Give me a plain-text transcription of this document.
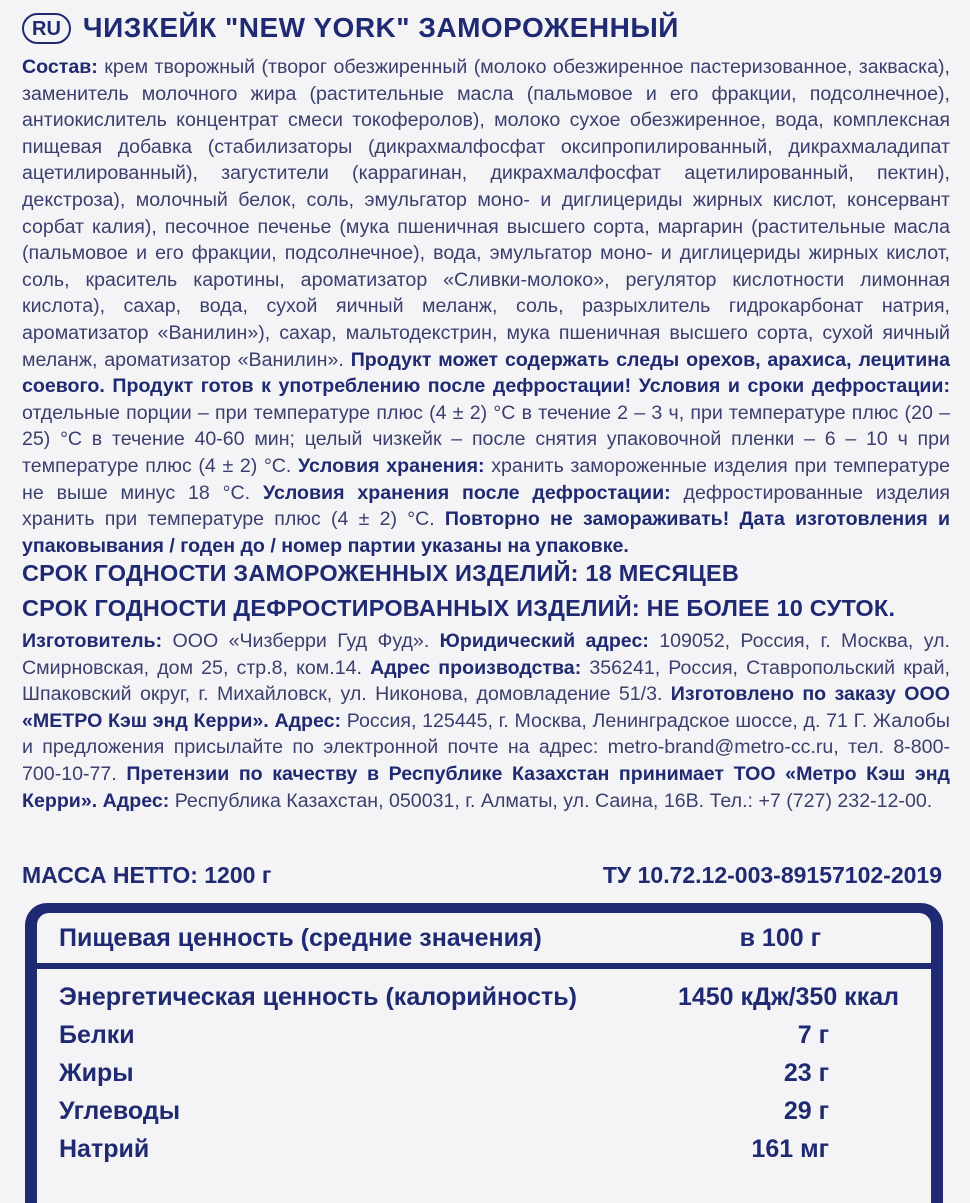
RU ЧИЗКЕЙК "NEW YORK" ЗАМОРОЖЕННЫЙ
Состав: крем творожный (творог обезжиренный (молоко обезжиренное пастеризованное, закваска), заменитель молочного жира (растительные масла (пальмовое и его фракции, подсолнечное), антиокислитель концентрат смеси токоферолов), молоко сухое обезжиренное, вода, комплексная пищевая добавка (стабилизаторы (дикрахмалфосфат оксипропилированный, дикрахмаладипат ацетилированный), загустители (каррагинан, дикрахмалфосфат ацетилированный, пектин), декстроза), молочный белок, соль, эмульгатор моно- и диглицериды жирных кислот, консервант сорбат калия), песочное печенье (мука пшеничная высшего сорта, маргарин (растительные масла (пальмовое и его фракции, подсолнечное), вода, эмульгатор моно- и диглицериды жирных кислот, соль, краситель каротины, ароматизатор «Сливки-молоко», регулятор кислотности лимонная кислота), сахар, вода, сухой яичный меланж, соль, разрыхлитель гидрокарбонат натрия, ароматизатор «Ванилин»), сахар, мальтодекстрин, мука пшеничная высшего сорта, сухой яичный меланж, ароматизатор «Ванилин». Продукт может содержать следы орехов, арахиса, лецитина соевого. Продукт готов к употреблению после дефростации! Условия и сроки дефростации: отдельные порции – при температуре плюс (4 ± 2) °С в течение 2 – 3 ч, при температуре плюс (20 – 25) °С в течение 40-60 мин; целый чизкейк – после снятия упаковочной пленки – 6 – 10 ч при температуре плюс (4 ± 2) °С. Условия хранения: хранить замороженные изделия при температуре не выше минус 18 °С. Условия хранения после дефростации: дефростированные изделия хранить при температуре плюс (4 ± 2) °С. Повторно не замораживать! Дата изготовления и упаковывания / годен до / номер партии указаны на упаковке.
СРОК ГОДНОСТИ ЗАМОРОЖЕННЫХ ИЗДЕЛИЙ: 18 МЕСЯЦЕВ
СРОК ГОДНОСТИ ДЕФРОСТИРОВАННЫХ ИЗДЕЛИЙ: НЕ БОЛЕЕ 10 СУТОК.
Изготовитель: ООО «Чизберри Гуд Фуд». Юридический адрес: 109052, Россия, г. Москва, ул. Смирновская, дом 25, стр.8, ком.14. Адрес производства: 356241, Россия, Ставропольский край, Шпаковский округ, г. Михайловск, ул. Никонова, домовладение 51/3. Изготовлено по заказу ООО «МЕТРО Кэш энд Керри». Адрес: Россия, 125445, г. Москва, Ленинградское шоссе, д. 71 Г. Жалобы и предложения присылайте по электронной почте на адрес: metro-brand@metro-cc.ru, тел. 8-800-700-10-77. Претензии по качеству в Республике Казахстан принимает ТОО «Метро Кэш энд Керри». Адрес: Республика Казахстан, 050031, г. Алматы, ул. Саина, 16В. Тел.: +7 (727) 232-12-00.
МАССА НЕТТО: 1200 г	ТУ 10.72.12-003-89157102-2019
Пищевая ценность (средние значения)	в 100 г
Энергетическая ценность (калорийность)	1450 кДж/350 ккал
Белки	7 г
Жиры	23 г
Углеводы	29 г
Натрий	161 мг
